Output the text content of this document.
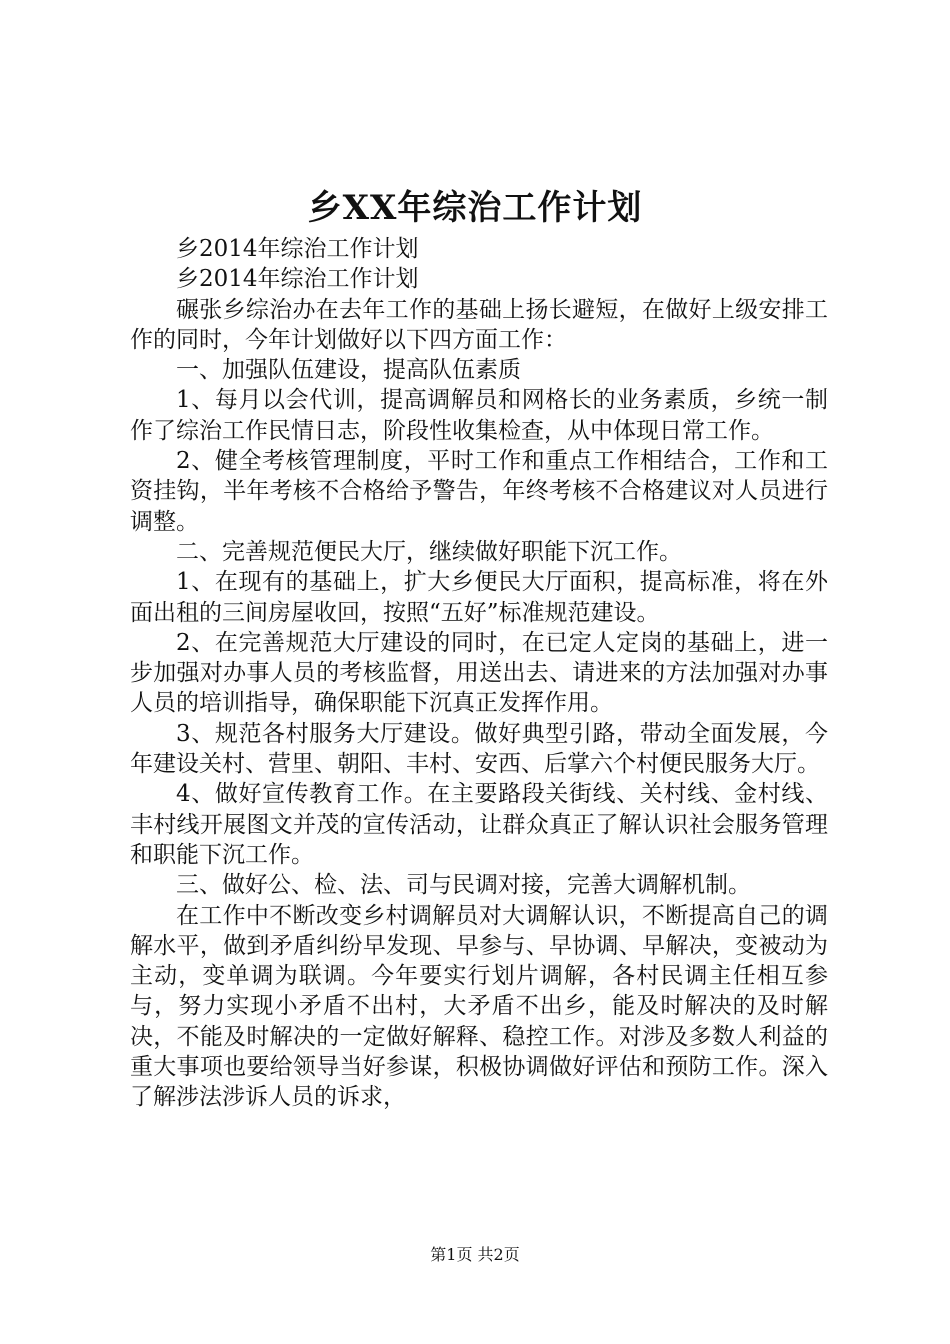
乡XX年综治工作计划

乡2014年综治工作计划

乡2014年综治工作计划

碾张乡综治办在去年工作的基础上扬长避短，在做好上级安排工作的同时，今年计划做好以下四方面工作：

一、加强队伍建设，提高队伍素质

1、每月以会代训，提高调解员和网格长的业务素质，乡统一制作了综治工作民情日志，阶段性收集检查，从中体现日常工作。

2、健全考核管理制度，平时工作和重点工作相结合，工作和工资挂钩，半年考核不合格给予警告，年终考核不合格建议对人员进行调整。

二、完善规范便民大厅，继续做好职能下沉工作。

1、在现有的基础上，扩大乡便民大厅面积，提高标准，将在外面出租的三间房屋收回，按照“五好”标准规范建设。

2、在完善规范大厅建设的同时，在已定人定岗的基础上，进一步加强对办事人员的考核监督，用送出去、请进来的方法加强对办事人员的培训指导，确保职能下沉真正发挥作用。

3、规范各村服务大厅建设。做好典型引路，带动全面发展，今年建设关村、营里、朝阳、丰村、安西、后掌六个村便民服务大厅。

4、做好宣传教育工作。在主要路段关街线、关村线、金村线、丰村线开展图文并茂的宣传活动，让群众真正了解认识社会服务管理和职能下沉工作。

三、做好公、检、法、司与民调对接，完善大调解机制。

在工作中不断改变乡村调解员对大调解认识，不断提高自己的调解水平，做到矛盾纠纷早发现、早参与、早协调、早解决，变被动为主动，变单调为联调。今年要实行划片调解，各村民调主任相互参与，努力实现小矛盾不出村，大矛盾不出乡，能及时解决的及时解决，不能及时解决的一定做好解释、稳控工作。对涉及多数人利益的重大事项也要给领导当好参谋，积极协调做好评估和预防工作。深入了解涉法涉诉人员的诉求，

第1页 共2页
